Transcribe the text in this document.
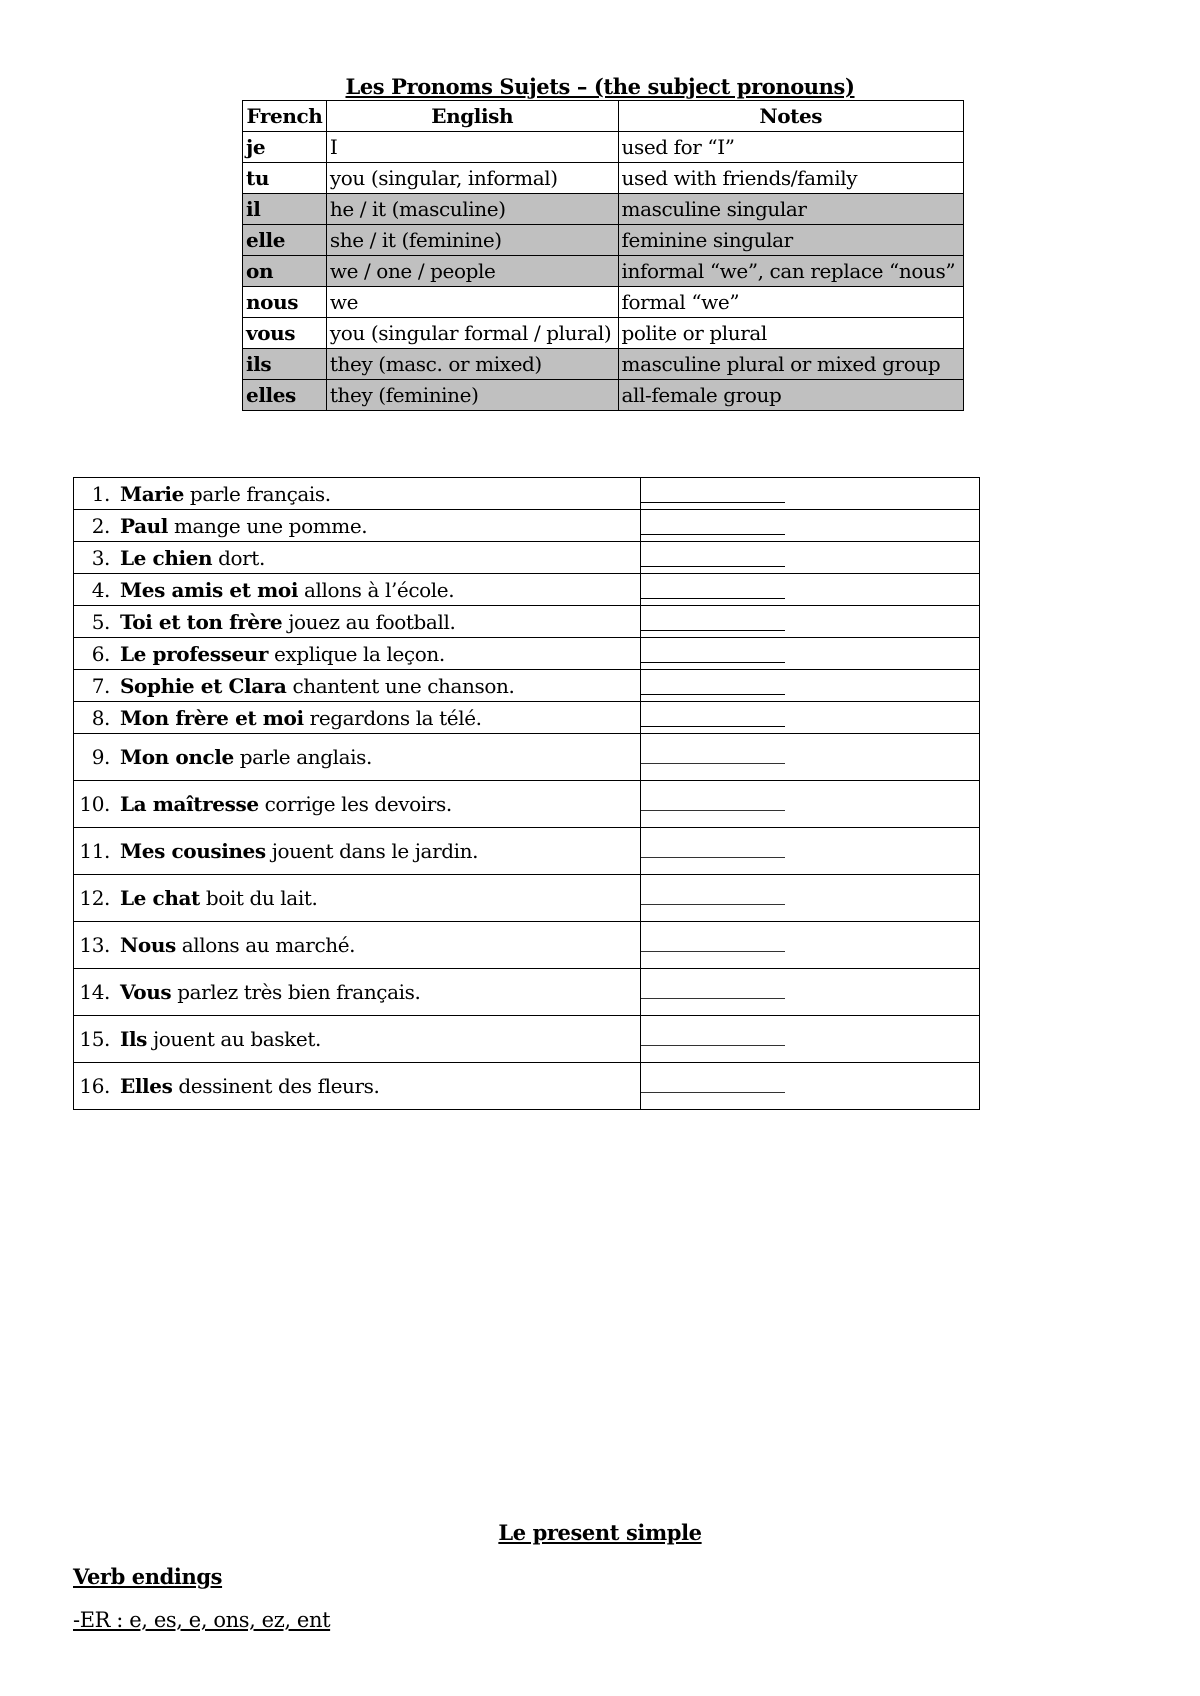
Les Pronoms Sujets – (the subject pronouns)
French	English	Notes
je	I	used for “I”
tu	you (singular, informal)	used with friends/family
il	he / it (masculine)	masculine singular
elle	she / it (feminine)	feminine singular
on	we / one / people	informal “we”, can replace “nous”
nous	we	formal “we”
vous	you (singular formal / plural)	polite or plural
ils	they (masc. or mixed)	masculine plural or mixed group
elles	they (feminine)	all-female group
1. Marie parle français.	
2. Paul mange une pomme.	
3. Le chien dort.	
4. Mes amis et moi allons à l’école.	
5. Toi et ton frère jouez au football.	
6. Le professeur explique la leçon.	
7. Sophie et Clara chantent une chanson.	
8. Mon frère et moi regardons la télé.	
9. Mon oncle parle anglais.	
10. La maîtresse corrige les devoirs.	
11. Mes cousines jouent dans le jardin.	
12. Le chat boit du lait.	
13. Nous allons au marché.	
14. Vous parlez très bien français.	
15. Ils jouent au basket.	
16. Elles dessinent des fleurs.	
Le present simple
Verb endings
-ER : e, es, e, ons, ez, ent
